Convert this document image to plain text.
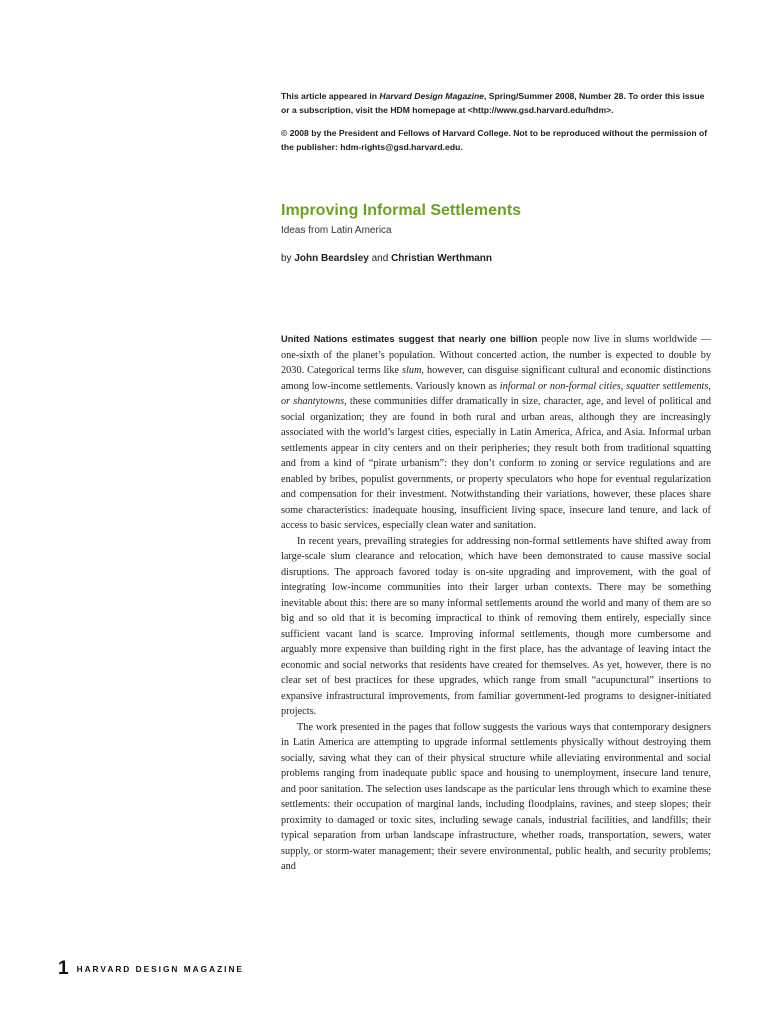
This article appeared in Harvard Design Magazine, Spring/Summer 2008, Number 28. To order this issue or a subscription, visit the HDM homepage at <http://www.gsd.harvard.edu/hdm>.
© 2008 by the President and Fellows of Harvard College. Not to be reproduced without the permission of the publisher: hdm-rights@gsd.harvard.edu.
Improving Informal Settlements
Ideas from Latin America
by John Beardsley and Christian Werthmann

United Nations estimates suggest that nearly one billion people now live in slums worldwide — one-sixth of the planet’s population. Without concerted action, the number is expected to double by 2030. Categorical terms like slum, however, can disguise significant cultural and economic distinctions among low-income settlements. Variously known as informal or non-formal cities, squatter settlements, or shantytowns, these communities differ dramatically in size, character, age, and level of political and social organization; they are found in both rural and urban areas, although they are increasingly associated with the world’s largest cities, especially in Latin America, Africa, and Asia. Informal urban settlements appear in city centers and on their peripheries; they result both from traditional squatting and from a kind of “pirate urbanism”: they don’t conform to zoning or service regulations and are enabled by bribes, populist governments, or property speculators who hope for eventual regularization and compensation for their investment. Notwithstanding their variations, however, these places share some characteristics: inadequate housing, insufficient living space, insecure land tenure, and lack of access to basic services, especially clean water and sanitation.

In recent years, prevailing strategies for addressing non-formal settlements have shifted away from large-scale slum clearance and relocation, which have been demonstrated to cause massive social disruptions. The approach favored today is on-site upgrading and improvement, with the goal of integrating low-income communities into their larger urban contexts. There may be something inevitable about this: there are so many informal settlements around the world and many of them are so big and so old that it is becoming impractical to think of removing them entirely, especially since sufficient vacant land is scarce. Improving informal settlements, though more cumbersome and arguably more expensive than building right in the first place, has the advantage of leaving intact the economic and social networks that residents have created for themselves. As yet, however, there is no clear set of best practices for these upgrades, which range from small “acupunctural” insertions to expansive infrastructural improvements, from familiar government-led programs to designer-initiated projects.

The work presented in the pages that follow suggests the various ways that contemporary designers in Latin America are attempting to upgrade informal settlements physically without destroying them socially, saving what they can of their physical structure while alleviating environmental and social problems ranging from inadequate public space and housing to unemployment, insecure land tenure, and poor sanitation. The selection uses landscape as the particular lens through which to examine these settlements: their occupation of marginal lands, including floodplains, ravines, and steep slopes; their proximity to damaged or toxic sites, including sewage canals, industrial facilities, and landfills; their typical separation from urban landscape infrastructure, whether roads, transportation, sewers, water supply, or storm-water management; their severe environmental, public health, and security problems; and

1 HARVARD DESIGN MAGAZINE
